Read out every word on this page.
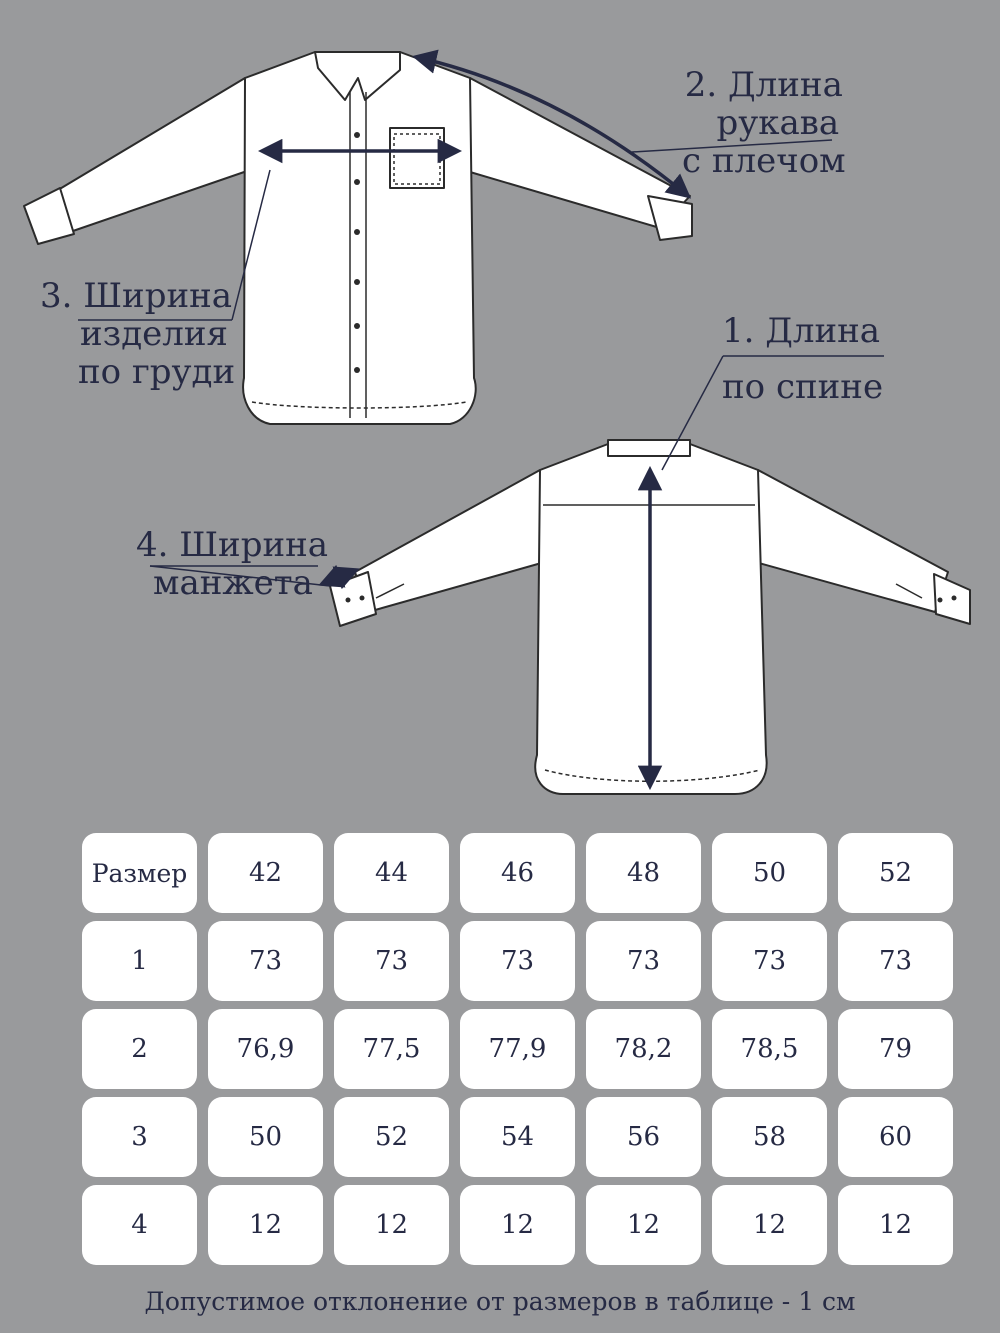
2. Длина
рукава
с плечом
3. Ширина
изделия
по груди
1. Длина
по спине
4. Ширина
манжета
Размер	42	44	46	48	50	52
1	73	73	73	73	73	73
2	76,9	77,5	77,9	78,2	78,5	79
3	50	52	54	56	58	60
4	12	12	12	12	12	12
Допустимое отклонение от размеров в таблице - 1 см
